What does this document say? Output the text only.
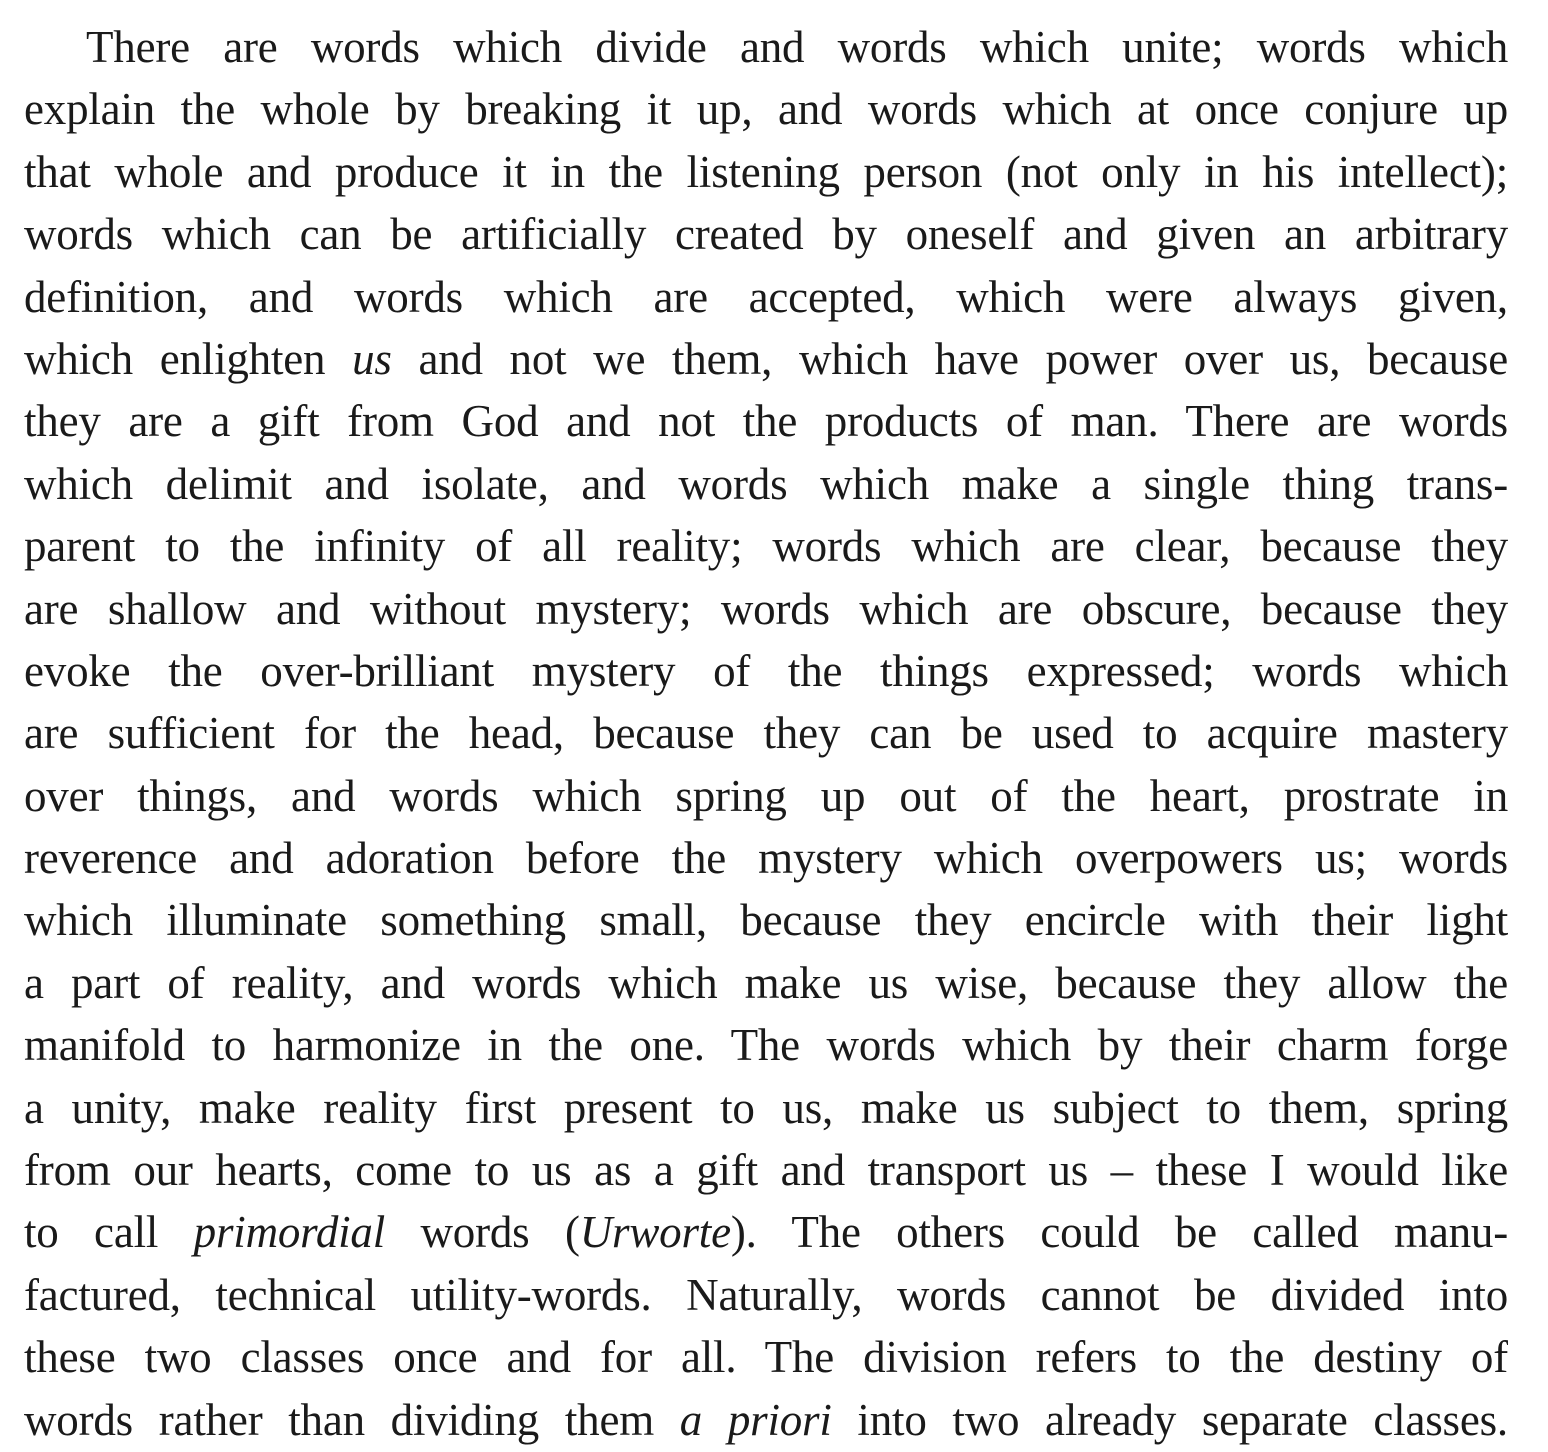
There are words which divide and words which unite; words which
explain the whole by breaking it up, and words which at once conjure up
that whole and produce it in the listening person (not only in his intellect);
words which can be artificially created by oneself and given an arbitrary
definition, and words which are accepted, which were always given,
which enlighten us and not we them, which have power over us, because
they are a gift from God and not the products of man. There are words
which delimit and isolate, and words which make a single thing trans-
parent to the infinity of all reality; words which are clear, because they
are shallow and without mystery; words which are obscure, because they
evoke the over-brilliant mystery of the things expressed; words which
are sufficient for the head, because they can be used to acquire mastery
over things, and words which spring up out of the heart, prostrate in
reverence and adoration before the mystery which overpowers us; words
which illuminate something small, because they encircle with their light
a part of reality, and words which make us wise, because they allow the
manifold to harmonize in the one. The words which by their charm forge
a unity, make reality first present to us, make us subject to them, spring
from our hearts, come to us as a gift and transport us – these I would like
to call primordial words (Urworte). The others could be called manu-
factured, technical utility-words. Naturally, words cannot be divided into
these two classes once and for all. The division refers to the destiny of
words rather than dividing them a priori into two already separate classes.
